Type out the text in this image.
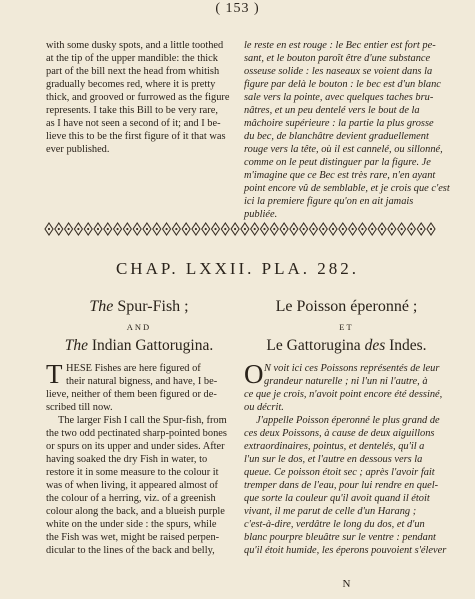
( 153 )
with some dusky spots, and a little toothed
at the tip of the upper mandible: the thick
part of the bill next the head from whitish
gradually becomes red, where it is pretty
thick, and grooved or furrowed as the figure
represents. I take this Bill to be very rare,
as I have not seen a second of it; and I be-
lieve this to be the first figure of it that was
ever published.
le reste en est rouge : le Bec entier est fort pe-
sant, et le bouton paroît être d'une substance
osseuse solide : les naseaux se voient dans la
figure par delà le bouton : le bec est d'un blanc
sale vers la pointe, avec quelques taches bru-
nâtres, et un peu dentelé vers le bout de la
mâchoire supérieure : la partie la plus grosse
du bec, de blanchâtre devient graduellement
rouge vers la tête, où il est cannelé, ou sillonné,
comme on le peut distinguer par la figure. Je
m'imagine que ce Bec est très rare, n'en ayant
point encore vû de semblable, et je crois que c'est
ici la premiere figure qu'on en ait jamais
publiée.
CHAP. LXXII. PLA. 282.
The Spur-Fish ;	Le Poisson éperonné ;
AND	ET
The Indian Gattorugina.	Le Gattorugina des Indes.
T HESE Fishes are here figured of
their natural bigness, and have, I be-
lieve, neither of them been figured or de-
scribed till now.
The larger Fish I call the Spur-fish, from
the two odd pectinated sharp-pointed bones
or spurs on its upper and under sides. After
having soaked the dry Fish in water, to
restore it in some measure to the colour it
was of when living, it appeared almost of
the colour of a herring, viz. of a greenish
colour along the back, and a blueish purple
white on the under side : the spurs, while
the Fish was wet, might be raised perpen-
dicular to the lines of the back and belly,
O N voit ici ces Poissons représentés de leur
grandeur naturelle ; ni l'un ni l'autre, à
ce que je crois, n'avoit point encore été dessiné,
ou décrit.
J'appelle Poisson éperonné le plus grand de
ces deux Poissons, à cause de deux aiguillons
extraordinaires, pointus, et dentelés, qu'il a
l'un sur le dos, et l'autre en dessous vers la
queue. Ce poisson étoit sec ; après l'avoir fait
tremper dans de l'eau, pour lui rendre en quel-
que sorte la couleur qu'il avoit quand il étoit
vivant, il me parut de celle d'un Harang ;
c'est-à-dire, verdâtre le long du dos, et d'un
blanc pourpre bleuâtre sur le ventre : pendant
qu'il étoit humide, les éperons pouvoient s'élever
N
